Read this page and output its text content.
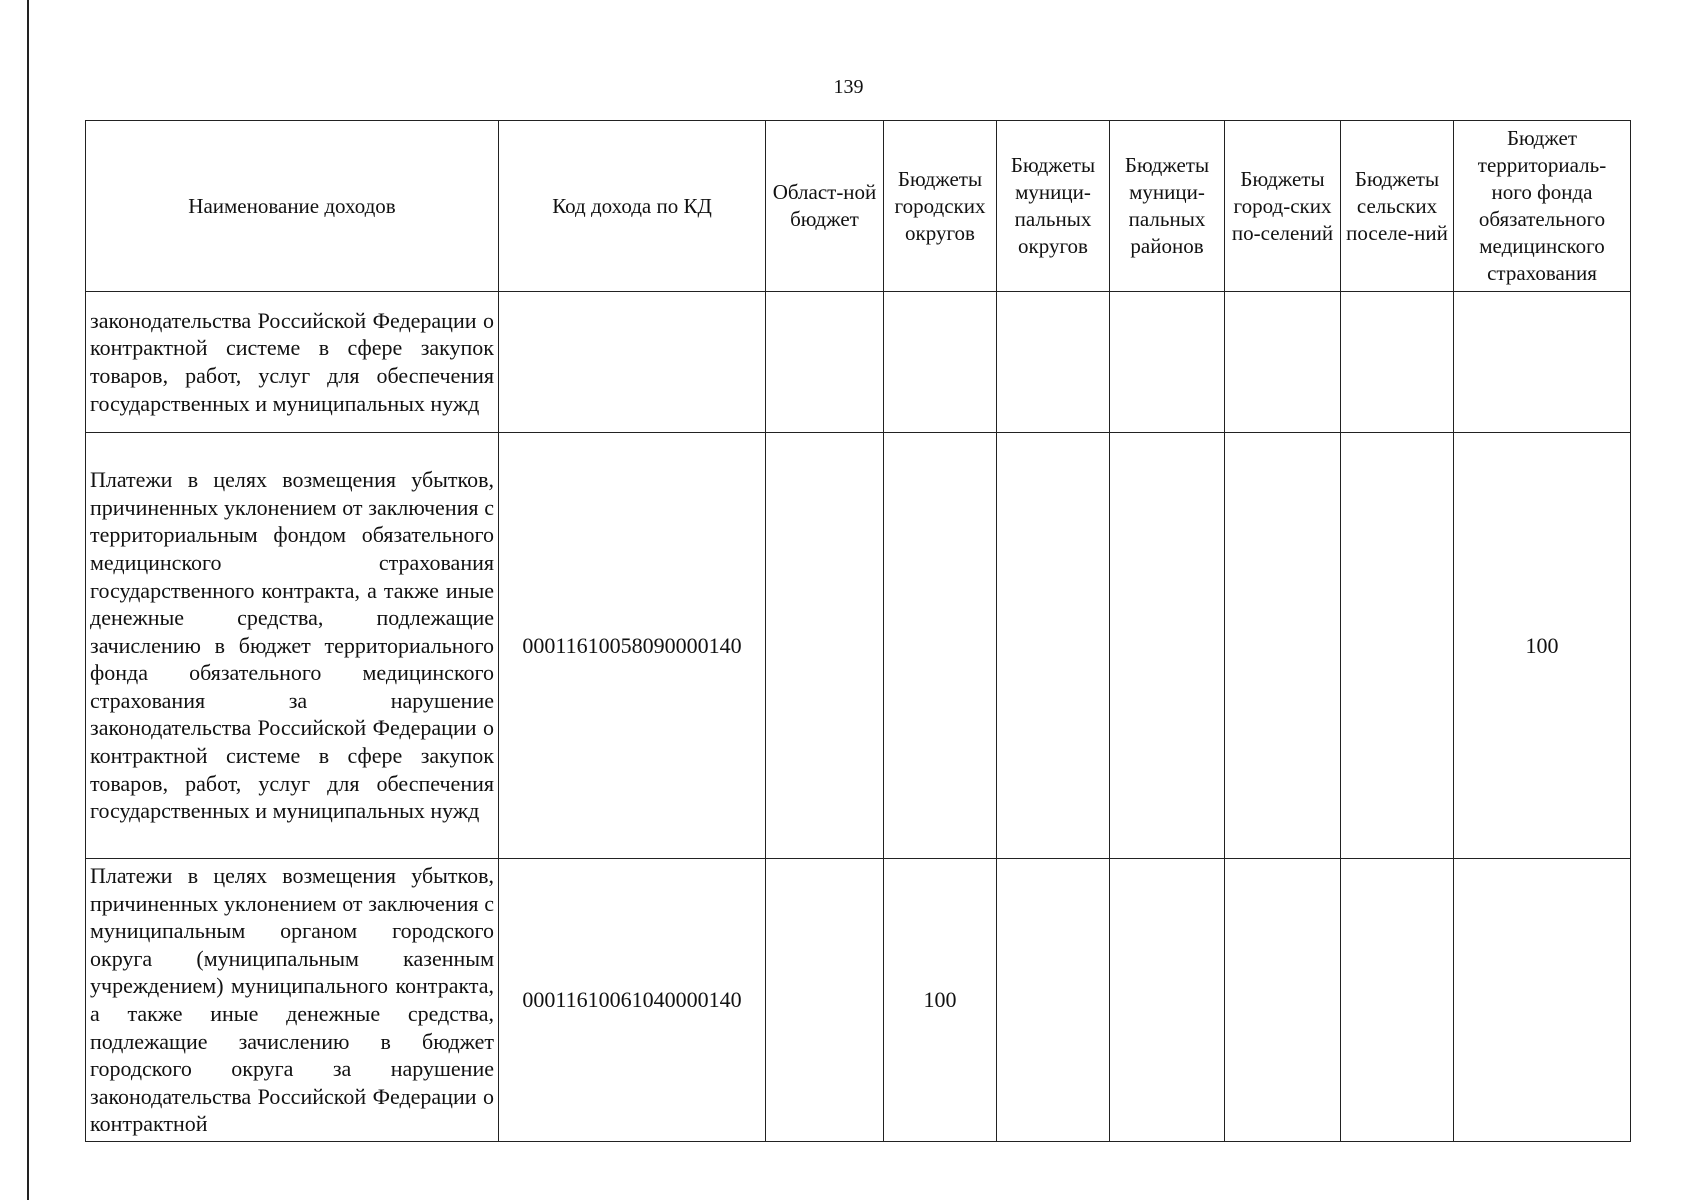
139
Наименование доходов	Код дохода по КД	Област-ной бюджет	Бюджеты городских округов	Бюджеты муници-пальных округов	Бюджеты муници-пальных районов	Бюджеты город-ских по-селений	Бюджеты сельских поселе-ний	Бюджет территориаль-ного фонда обязательного медицинского страхования
законодательства Российской Федерации о контрактной системе в сфере закупок товаров, работ, услуг для обеспечения государственных и муниципальных нужд								
Платежи в целях возмещения убытков, причиненных уклонением от заключения с территориальным фондом обязательного медицинского страхования государственного контракта, а также иные денежные средства, подлежащие зачислению в бюджет территориального фонда обязательного медицинского страхования за нарушение законодательства Российской Федерации о контрактной системе в сфере закупок товаров, работ, услуг для обеспечения государственных и муниципальных нужд	00011610058090000140							100
Платежи в целях возмещения убытков, причиненных уклонением от заключения с муниципальным органом городского округа (муниципальным казенным учреждением) муниципального контракта, а также иные денежные средства, подлежащие зачислению в бюджет городского округа за нарушение законодательства Российской Федерации о контрактной	00011610061040000140		100					
